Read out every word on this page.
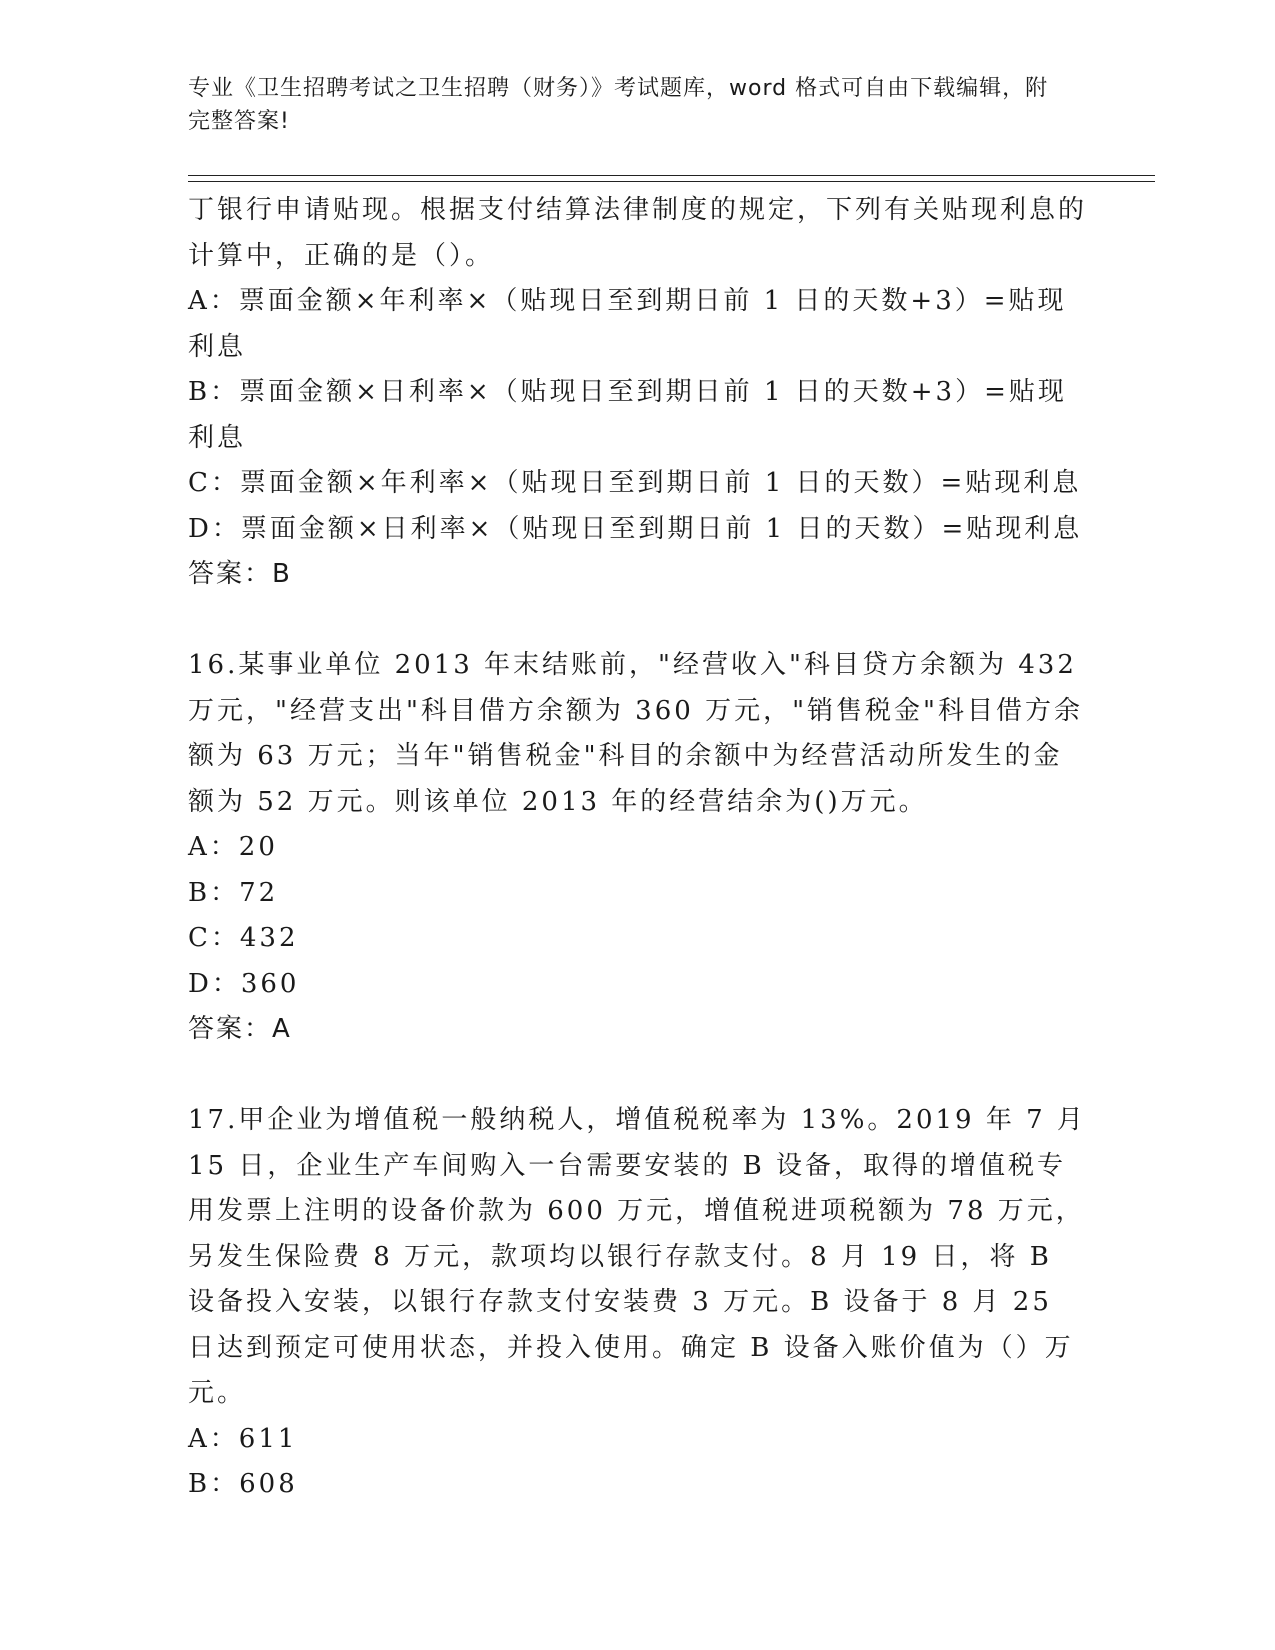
专业《卫生招聘考试之卫生招聘（财务）》考试题库，word 格式可自由下载编辑，附完整答案!

丁银行申请贴现。根据支付结算法律制度的规定，下列有关贴现利息的计算中，正确的是（）。

A：票面金额×年利率×（贴现日至到期日前 1 日的天数+3）=贴现利息

B：票面金额×日利率×（贴现日至到期日前 1 日的天数+3）=贴现利息

C：票面金额×年利率×（贴现日至到期日前 1 日的天数）=贴现利息

D：票面金额×日利率×（贴现日至到期日前 1 日的天数）=贴现利息

答案：B

16.某事业单位 2013 年末结账前，"经营收入"科目贷方余额为 432 万元，"经营支出"科目借方余额为 360 万元，"销售税金"科目借方余额为 63 万元；当年"销售税金"科目的余额中为经营活动所发生的金额为 52 万元。则该单位 2013 年的经营结余为()万元。

A：20

B：72

C：432

D：360

答案：A

17.甲企业为增值税一般纳税人，增值税税率为 13%。2019 年 7 月 15 日，企业生产车间购入一台需要安装的 B 设备，取得的增值税专用发票上注明的设备价款为 600 万元，增值税进项税额为 78 万元，另发生保险费 8 万元，款项均以银行存款支付。8 月 19 日，将 B 设备投入安装，以银行存款支付安装费 3 万元。B 设备于 8 月 25 日达到预定可使用状态，并投入使用。确定 B 设备入账价值为（）万元。

A：611

B：608
